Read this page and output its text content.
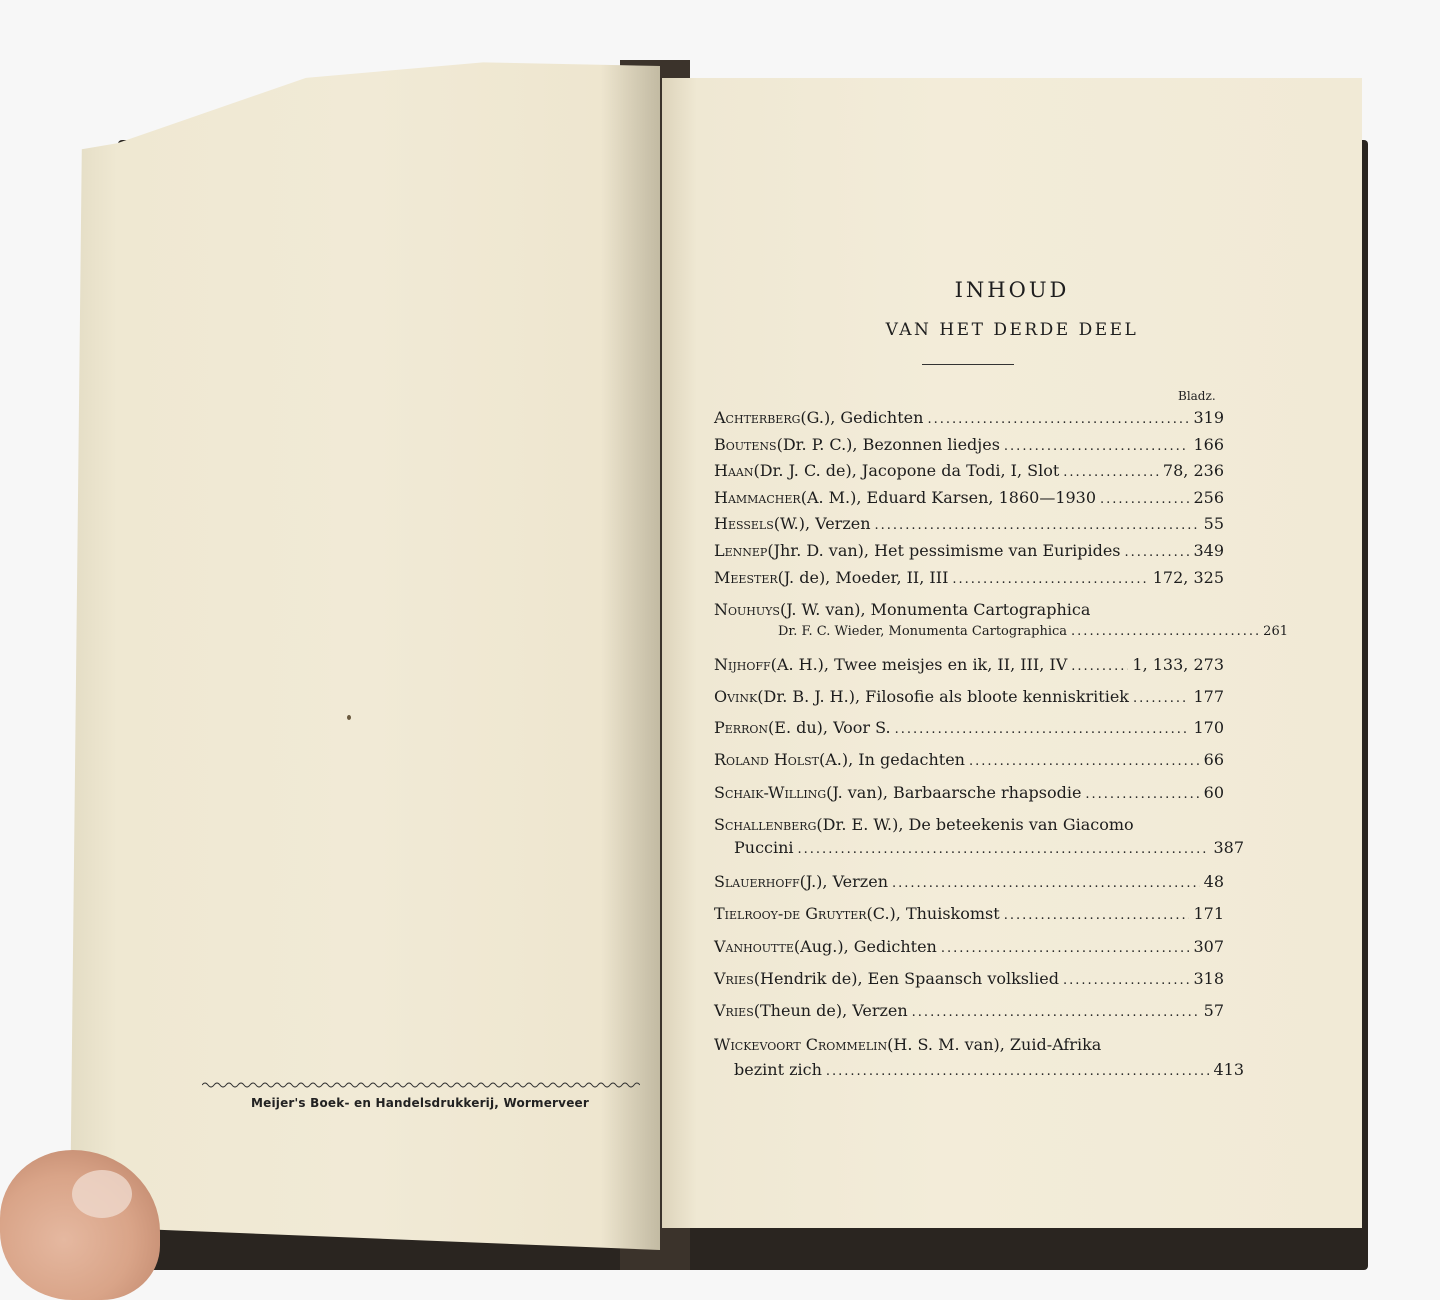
Meijer's Boek- en Handelsdrukkerij, Wormerveer
INHOUD
VAN HET DERDE DEEL
Bladz.
Achterberg (G.), Gedichten .....	319
Boutens (Dr. P. C.), Bezonnen liedjes .....	166
Haan (Dr. J. C. de), Jacopone da Todi, I, Slot .....	78, 236
Hammacher (A. M.), Eduard Karsen, 1860—1930 .....	256
Hessels (W.), Verzen .....	55
Lennep (Jhr. D. van), Het pessimisme van Euripides .....	349
Meester (J. de), Moeder, II, III .....	172, 325
Nouhuys (J. W. van), Monumenta Cartographica
Dr. F. C. Wieder, Monumenta Cartographica .....	261
Nijhoff (A. H.), Twee meisjes en ik, II, III, IV .....	1, 133, 273
Ovink (Dr. B. J. H.), Filosofie als bloote kenniskritiek .....	177
Perron (E. du), Voor S. .....	170
Roland Holst (A.), In gedachten .....	66
Schaik-Willing (J. van), Barbaarsche rhapsodie .....	60
Schallenberg (Dr. E. W.), De beteekenis van Giacomo
Puccini .....	387
Slauerhoff (J.), Verzen .....	48
Tielrooy-de Gruyter (C.), Thuiskomst .....	171
Vanhoutte (Aug.), Gedichten .....	307
Vries (Hendrik de), Een Spaansch volkslied .....	318
Vries (Theun de), Verzen .....	57
Wickevoort Crommelin (H. S. M. van), Zuid-Afrika
bezint zich .....	413
